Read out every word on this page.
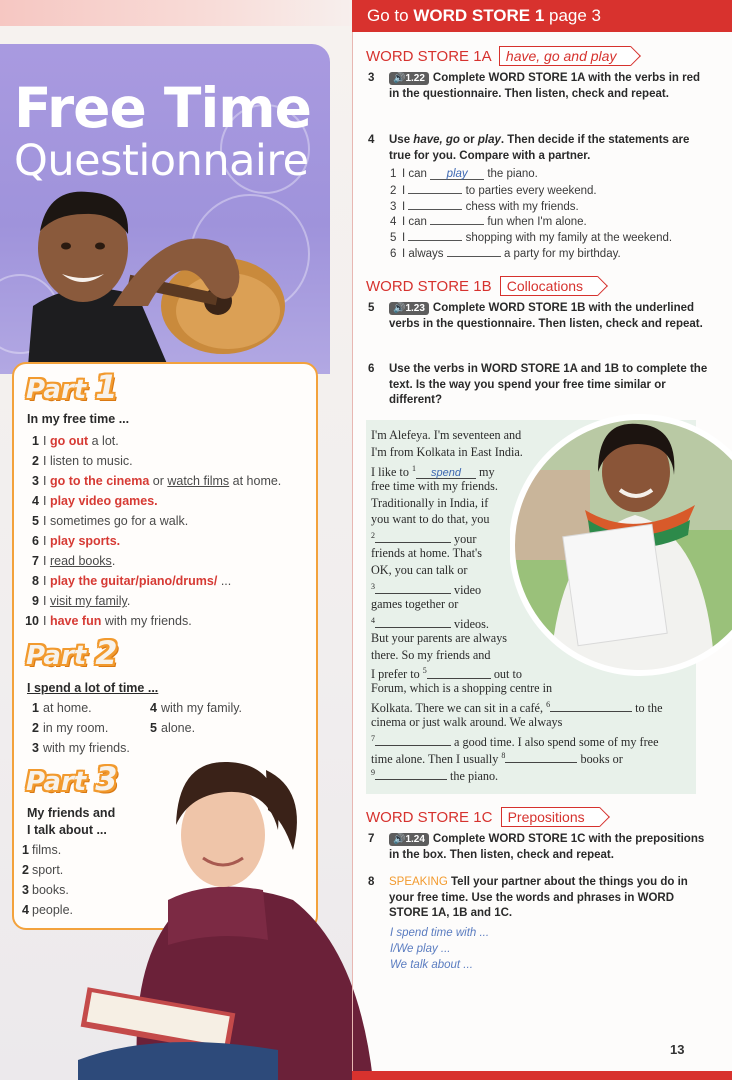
Free Time
Questionnaire
Part 1
In my free time ...
1 I go out a lot.
2 I listen to music.
3 I go to the cinema or watch films at home.
4 I play video games.
5 I sometimes go for a walk.
6 I play sports.
7 I read books.
8 I play the guitar/piano/drums/ ...
9 I visit my family.
10 I have fun with my friends.
Part 2
I spend a lot of time ...
1 at home.
2 in my room.
3 with my friends.
4 with my family.
5 alone.
Part 3
My friends and
I talk about ...
1 films.
2 sport.
3 books.
4 people.
Go to WORD STORE 1 page 3
WORD STORE 1A have, go and play
3	🔊1.22 Complete WORD STORE 1A with the verbs in red in the questionnaire. Then listen, check and repeat.
4 Use have, go or play. Then decide if the statements are true for you. Compare with a partner.
1 I can play the piano.
2 I	to parties every weekend.
3 I	chess with my friends.
4 I can	fun when I'm alone.
5 I	shopping with my family at the weekend.
6 I always	a party for my birthday.
WORD STORE 1B Collocations
5	🔊1.23 Complete WORD STORE 1B with the underlined verbs in the questionnaire. Then listen, check and repeat.
6 Use the verbs in WORD STORE 1A and 1B to complete the text. Is the way you spend your free time similar or different?
I'm Alefeya. I'm seventeen and
I'm from Kolkata in East India.
I like to $^1$ spend my
free time with my friends.
Traditionally in India, if
you want to do that, you
$^2$	your
friends at home. That's
OK, you can talk or
$^3$	video
games together or
$^4$	videos.
But your parents are always
there. So my friends and
I prefer to $^5$	out to
Forum, which is a shopping centre in
Kolkata. There we can sit in a café, $^6$	to the
cinema or just walk around. We always
$^7$	a good time. I also spend some of my free
time alone. Then I usually $^8$	books or
$^9$	the piano.
WORD STORE 1C Prepositions
7	🔊1.24 Complete WORD STORE 1C with the prepositions in the box. Then listen, check and repeat.
8 SPEAKING Tell your partner about the things you do in your free time. Use the words and phrases in WORD STORE 1A, 1B and 1C.
I spend time with ...
I/We play ...
We talk about ...
13
